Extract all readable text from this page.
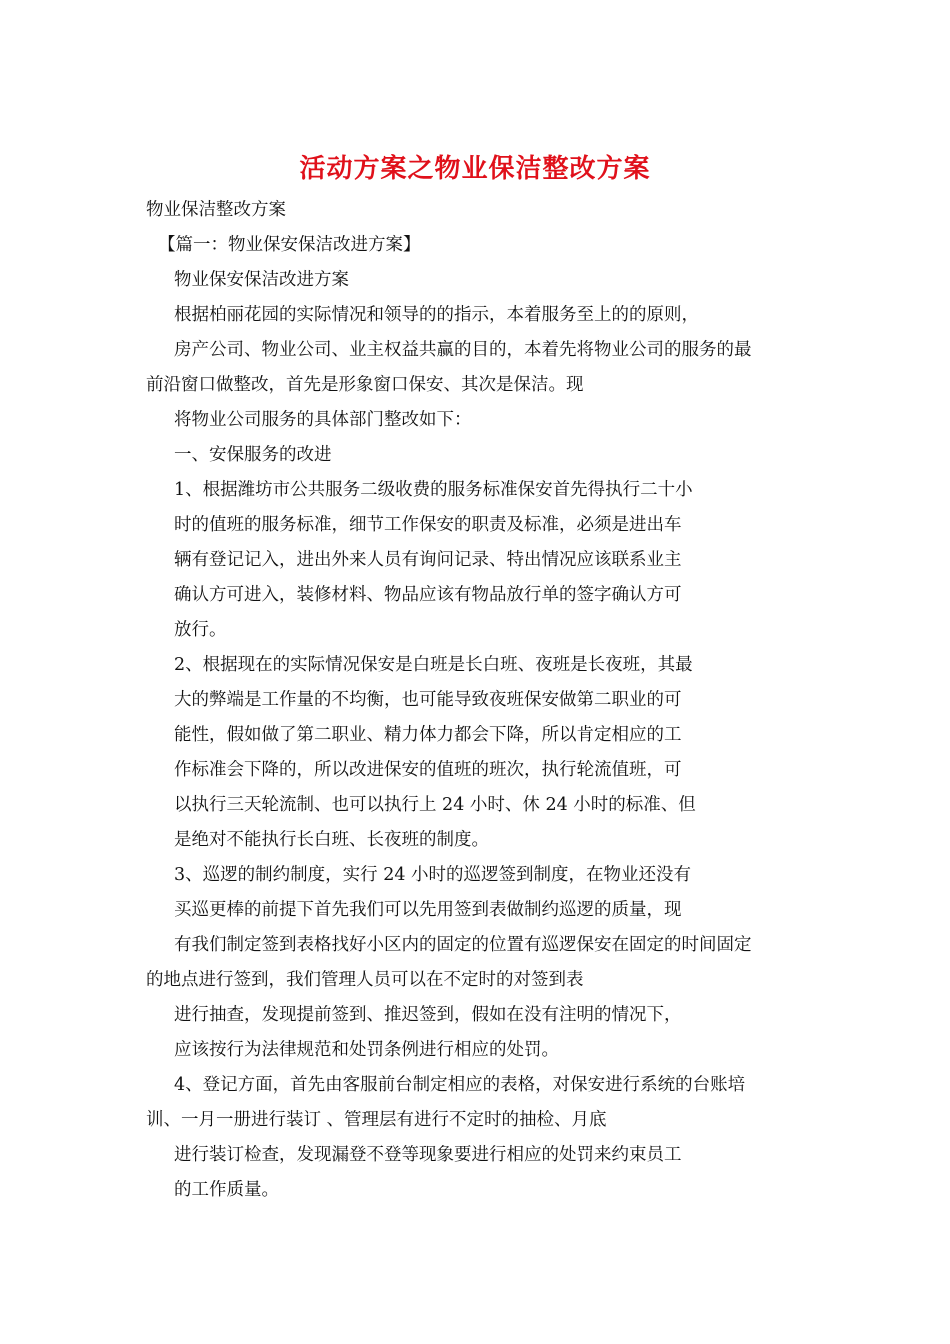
活动方案之物业保洁整改方案
物业保洁整改方案
【篇一：物业保安保洁改进方案】
物业保安保洁改进方案
根据柏丽花园的实际情况和领导的的指示，本着服务至上的的原则，
房产公司、物业公司、业主权益共赢的目的，本着先将物业公司的服务的最
前沿窗口做整改，首先是形象窗口保安、其次是保洁。现
将物业公司服务的具体部门整改如下：
一、安保服务的改进
1、根据潍坊市公共服务二级收费的服务标准保安首先得执行二十小
时的值班的服务标准，细节工作保安的职责及标准，必须是进出车
辆有登记记入，进出外来人员有询问记录、特出情况应该联系业主
确认方可进入，装修材料、物品应该有物品放行单的签字确认方可
放行。
2、根据现在的实际情况保安是白班是长白班、夜班是长夜班，其最
大的弊端是工作量的不均衡，也可能导致夜班保安做第二职业的可
能性，假如做了第二职业、精力体力都会下降，所以肯定相应的工
作标准会下降的，所以改进保安的值班的班次，执行轮流值班，可
以执行三天轮流制、也可以执行上 24 小时、休 24 小时的标准、但
是绝对不能执行长白班、长夜班的制度。
3、巡逻的制约制度，实行 24 小时的巡逻签到制度，在物业还没有
买巡更棒的前提下首先我们可以先用签到表做制约巡逻的质量，现
有我们制定签到表格找好小区内的固定的位置有巡逻保安在固定的时间固定
的地点进行签到，我们管理人员可以在不定时的对签到表
进行抽查，发现提前签到、推迟签到，假如在没有注明的情况下，
应该按行为法律规范和处罚条例进行相应的处罚。
4、登记方面，首先由客服前台制定相应的表格，对保安进行系统的台账培
训、一月一册进行装订 、管理层有进行不定时的抽检、月底
进行装订检查，发现漏登不登等现象要进行相应的处罚来约束员工
的工作质量。
